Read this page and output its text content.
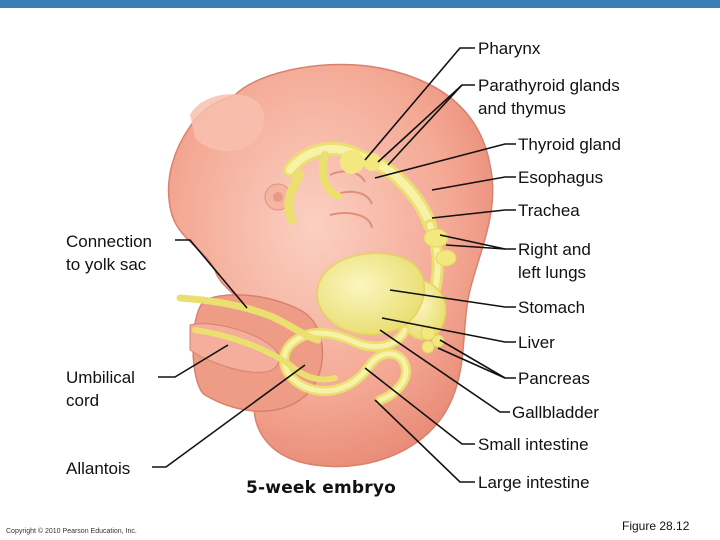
Pharynx
Parathyroid glands
and thymus
Thyroid gland
Esophagus
Trachea
Right and
left lungs
Stomach
Liver
Pancreas
Gallbladder
Small intestine
Large intestine
Connection
to yolk sac
Umbilical
cord
Allantois
5-week embryo
Copyright © 2010 Pearson Education, Inc.	Figure 28.12
